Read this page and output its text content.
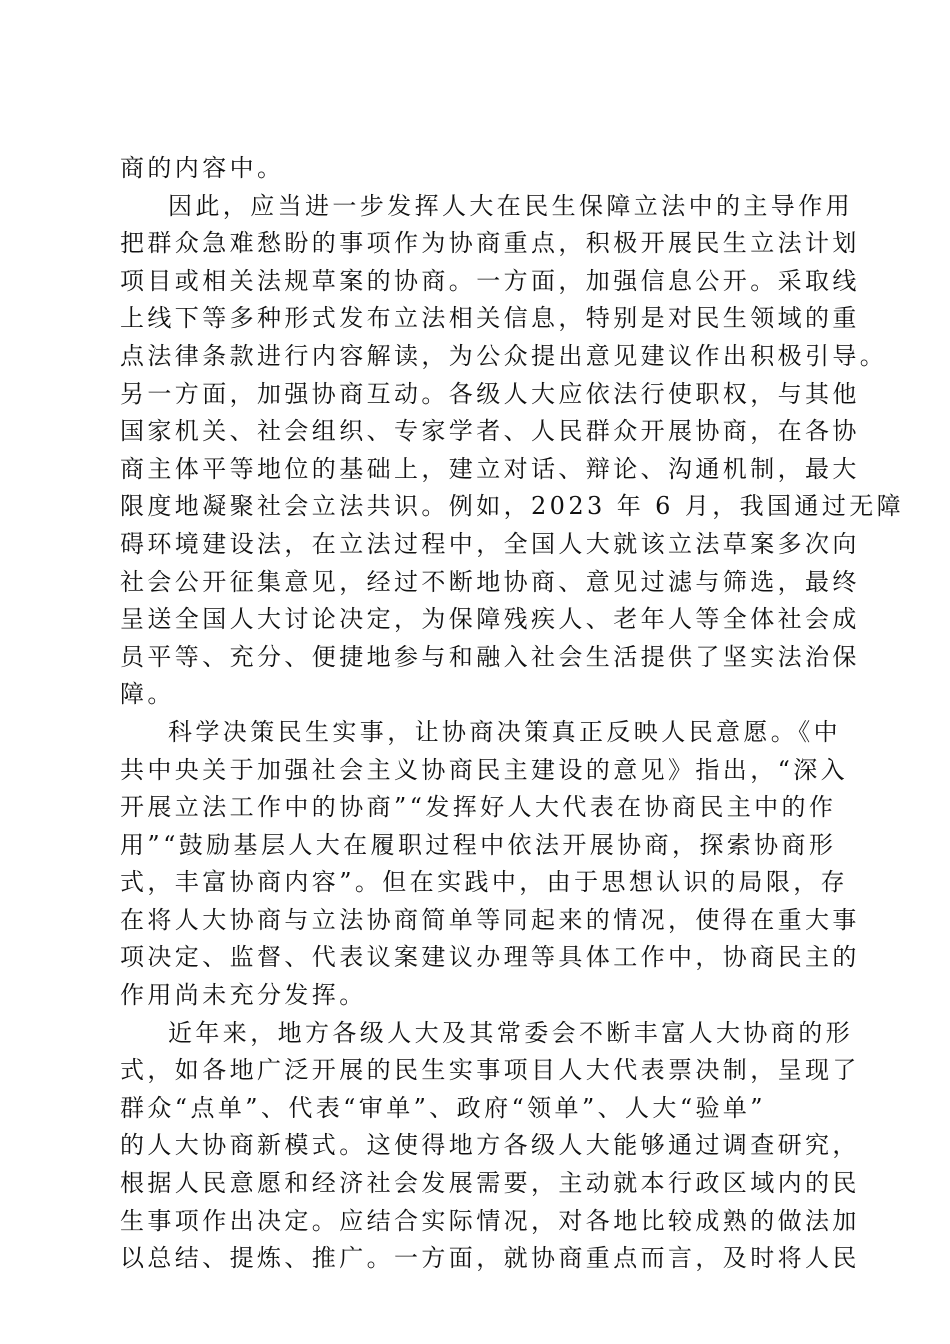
商的内容中。
因此，应当进一步发挥人大在民生保障立法中的主导作用
把群众急难愁盼的事项作为协商重点，积极开展民生立法计划
项目或相关法规草案的协商。一方面，加强信息公开。采取线
上线下等多种形式发布立法相关信息，特别是对民生领域的重
点法律条款进行内容解读，为公众提出意见建议作出积极引导。
另一方面，加强协商互动。各级人大应依法行使职权，与其他
国家机关、社会组织、专家学者、人民群众开展协商，在各协
商主体平等地位的基础上，建立对话、辩论、沟通机制，最大
限度地凝聚社会立法共识。例如，2023 年 6 月，我国通过无障
碍环境建设法，在立法过程中，全国人大就该立法草案多次向
社会公开征集意见，经过不断地协商、意见过滤与筛选，最终
呈送全国人大讨论决定，为保障残疾人、老年人等全体社会成
员平等、充分、便捷地参与和融入社会生活提供了坚实法治保
障。
科学决策民生实事，让协商决策真正反映人民意愿。《中
共中央关于加强社会主义协商民主建设的意见》指出，“深入
开展立法工作中的协商”“发挥好人大代表在协商民主中的作
用”“鼓励基层人大在履职过程中依法开展协商，探索协商形
式，丰富协商内容”。但在实践中，由于思想认识的局限，存
在将人大协商与立法协商简单等同起来的情况，使得在重大事
项决定、监督、代表议案建议办理等具体工作中，协商民主的
作用尚未充分发挥。
近年来，地方各级人大及其常委会不断丰富人大协商的形
式，如各地广泛开展的民生实事项目人大代表票决制，呈现了
群众“点单”、代表“审单”、政府“领单”、人大“验单”
的人大协商新模式。这使得地方各级人大能够通过调查研究，
根据人民意愿和经济社会发展需要，主动就本行政区域内的民
生事项作出决定。应结合实际情况，对各地比较成熟的做法加
以总结、提炼、推广。一方面，就协商重点而言，及时将人民
